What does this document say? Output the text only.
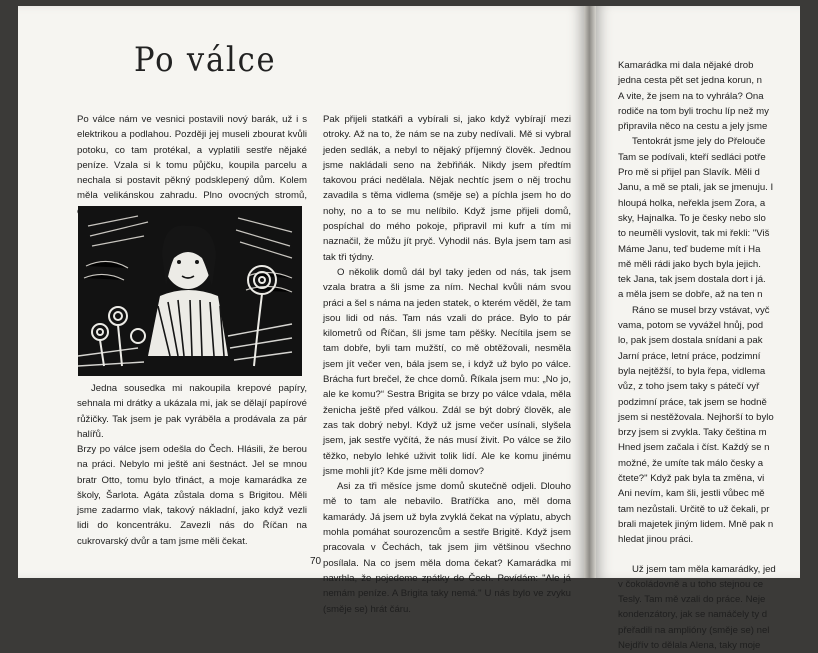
Po válce

Po válce nám ve vesnici postavili nový barák, už i s elektrikou a podlahou. Později jej museli zbourat kvůli potoku, co tam protékal, a vyplatili sestře nějaké peníze. Vzala si k tomu půjčku, koupila parcelu a nechala si postavit pěkný podsklepený dům. Kolem měla velikánskou zahradu. Plno ovocných stromů,

Jedna sousedka mi nakoupila krepové papíry, sehnala mi drátky a ukázala mi, jak se dělají papírové růžičky. Tak jsem je pak vyráběla a prodávala za pár halířů.

Brzy po válce jsem odešla do Čech. Hlásili, že berou na práci. Nebylo mi ještě ani šestnáct. Jel se mnou bratr Otto, tomu bylo třináct, a moje kamarádka ze školy, Šarlota. Agáta zůstala doma s Brigitou. Měli jsme zadarmo vlak, takový nákladní, jako když vezli lidi do koncentráku. Zavezli nás do Říčan na cukrovarský dvůr a tam jsme měli čekat.

Pak přijeli statkáři a vybírali si, jako když vybírají mezi otroky. Až na to, že nám se na zuby nedívali. Mě si vybral jeden sedlák, a nebyl to nějaký příjemný člověk. Jednou jsme nakládali seno na žebřiňák. Nikdy jsem předtím takovou práci nedělala. Nějak nechtíc jsem o něj trochu zavadila s těma vidlema (směje se) a píchla jsem ho do nohy, no a to se mu nelíbilo. Když jsme přijeli domů, pospíchal do mého pokoje, připravil mi kufr a tím mi naznačil, že můžu jít pryč. Vyhodil nás. Byla jsem tam asi tak tři týdny.

O několik domů dál byl taky jeden od nás, tak jsem vzala bratra a šli jsme za ním. Nechal kvůli nám svou práci a šel s náma na jeden statek, o kterém věděl, že tam jsou lidi od nás. Tam nás vzali do práce. Bylo to pár kilometrů od Říčan, šli jsme tam pěšky. Necítila jsem se tam dobře, byli tam mužští, co mě obtěžovali, nesměla jsem jít večer ven, bála jsem se, i když už bylo po válce. Brácha furt brečel, že chce domů. Říkala jsem mu: „No jo, ale ke komu?“ Sestra Brigita se brzy po válce vdala, měla ženicha ještě před válkou. Zdál se být dobrý člověk, ale zas tak dobrý nebyl. Když už jsme večer usínali, slyšela jsem, jak sestře vyčítá, že nás musí živit. Po válce se žilo těžko, nebylo lehké uživit tolik lidí. Ale ke komu jinému jsme mohli jít? Kde jsme měli domov?

Asi za tři měsíce jsme domů skutečně odjeli. Dlouho mě to tam ale nebavilo. Bratříčka ano, měl doma kamarády. Já jsem už byla zvyklá čekat na výplatu, abych mohla pomáhat sourozencům a sestře Brigitě. Když jsem pracovala v Čechách, tak jsem jim většinou všechno posílala. Na co jsem měla doma čekat? Kamarádka mi navrhla, že pojedeme zpátky do Čech. Povídám: "Ale já nemám peníze. A Brigita taky nemá." U nás bylo ve zvyku (směje se) hrát čáru.

70

Kamarádka mi dala nějaké drob

jedna cesta pět set jedna korun, n

A vite, že jsem na to vyhrála? Ona

rodiče na tom byli trochu líp než my

připravila něco na cestu a jely jsme

Tentokrát jsme jely do Přelouče

Tam se podívali, kteří sedláci potře

Pro mě si přijel pan Slavík. Měli d

Janu, a mě se ptali, jak se jmenuju. I

hloupá holka, neřekla jsem Zora, a

sky, Hajnalka. To je česky nebo slo

to neuměli vyslovit, tak mi řekli: "Viš

Máme Janu, teď budeme mít i Ha

mě měli rádi jako bych byla jejich.

tek Jana, tak jsem dostala dort i já.

a měla jsem se dobře, až na ten n

Ráno se musel brzy vstávat, vyč

vama, potom se vyvážel hnůj, pod

lo, pak jsem dostala snídani a pak

Jarní práce, letní práce, podzimní

byla nejtěžší, to byla řepa, vidlema

vůz, z toho jsem taky s pátečí vyř

podzimní práce, tak jsem se hodně

jsem si nestěžovala. Nejhorší to bylo

brzy jsem si zvykla. Taky čeština m

Hned jsem začala i číst. Každý se n

možné, že umíte tak málo česky a

čtete?" Když pak byla ta změna, vi

Ani nevím, kam šli, jestli vůbec mě

tam nezůstali. Určitě to už čekali, pr

brali majetek jiným lidem. Mně pak n

hledat jinou práci.

Už jsem tam měla kamarádky, jed

v čokoládovně a u toho stejnou ce

Tesly. Tam mě vzali do práce. Neje

kondenzátory, jak se namáčely ty d

přeřadili na amplióny (směje se) nel

Nejdřív to dělala Alena, taky moje
